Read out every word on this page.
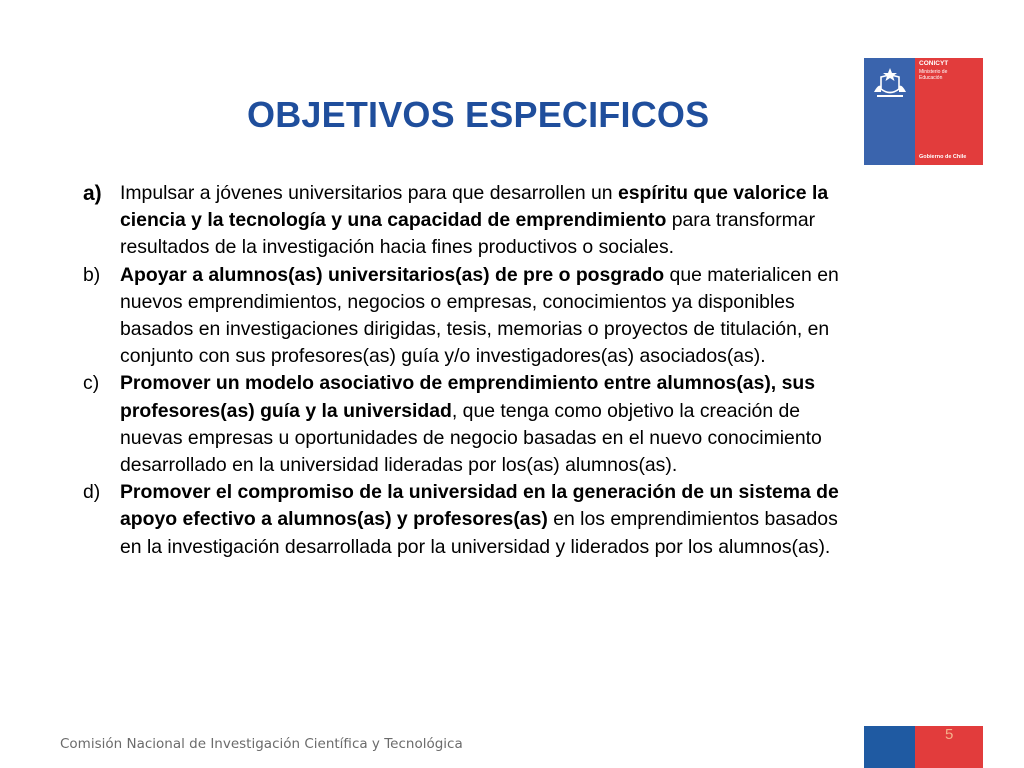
OBJETIVOS ESPECIFICOS
CONICYT
Ministerio de Educación
Gobierno de Chile
a) Impulsar a jóvenes universitarios para que desarrollen un espíritu que valorice la ciencia y la tecnología y una capacidad de emprendimiento para transformar resultados de la investigación hacia fines productivos o sociales.
b) Apoyar a alumnos(as) universitarios(as) de pre o posgrado que materialicen en nuevos emprendimientos, negocios o empresas, conocimientos ya disponibles basados en investigaciones dirigidas, tesis, memorias o proyectos de titulación, en conjunto con sus profesores(as) guía y/o investigadores(as) asociados(as).
c) Promover un modelo asociativo de emprendimiento entre alumnos(as), sus profesores(as) guía y la universidad, que tenga como objetivo la creación de nuevas empresas u oportunidades de negocio basadas en el nuevo conocimiento desarrollado en la universidad lideradas por los(as) alumnos(as).
d) Promover el compromiso de la universidad en la generación de un sistema de apoyo efectivo a alumnos(as) y profesores(as) en los emprendimientos basados en la investigación desarrollada por la universidad y liderados por los alumnos(as).
Comisión Nacional de Investigación Científica y Tecnológica
5
